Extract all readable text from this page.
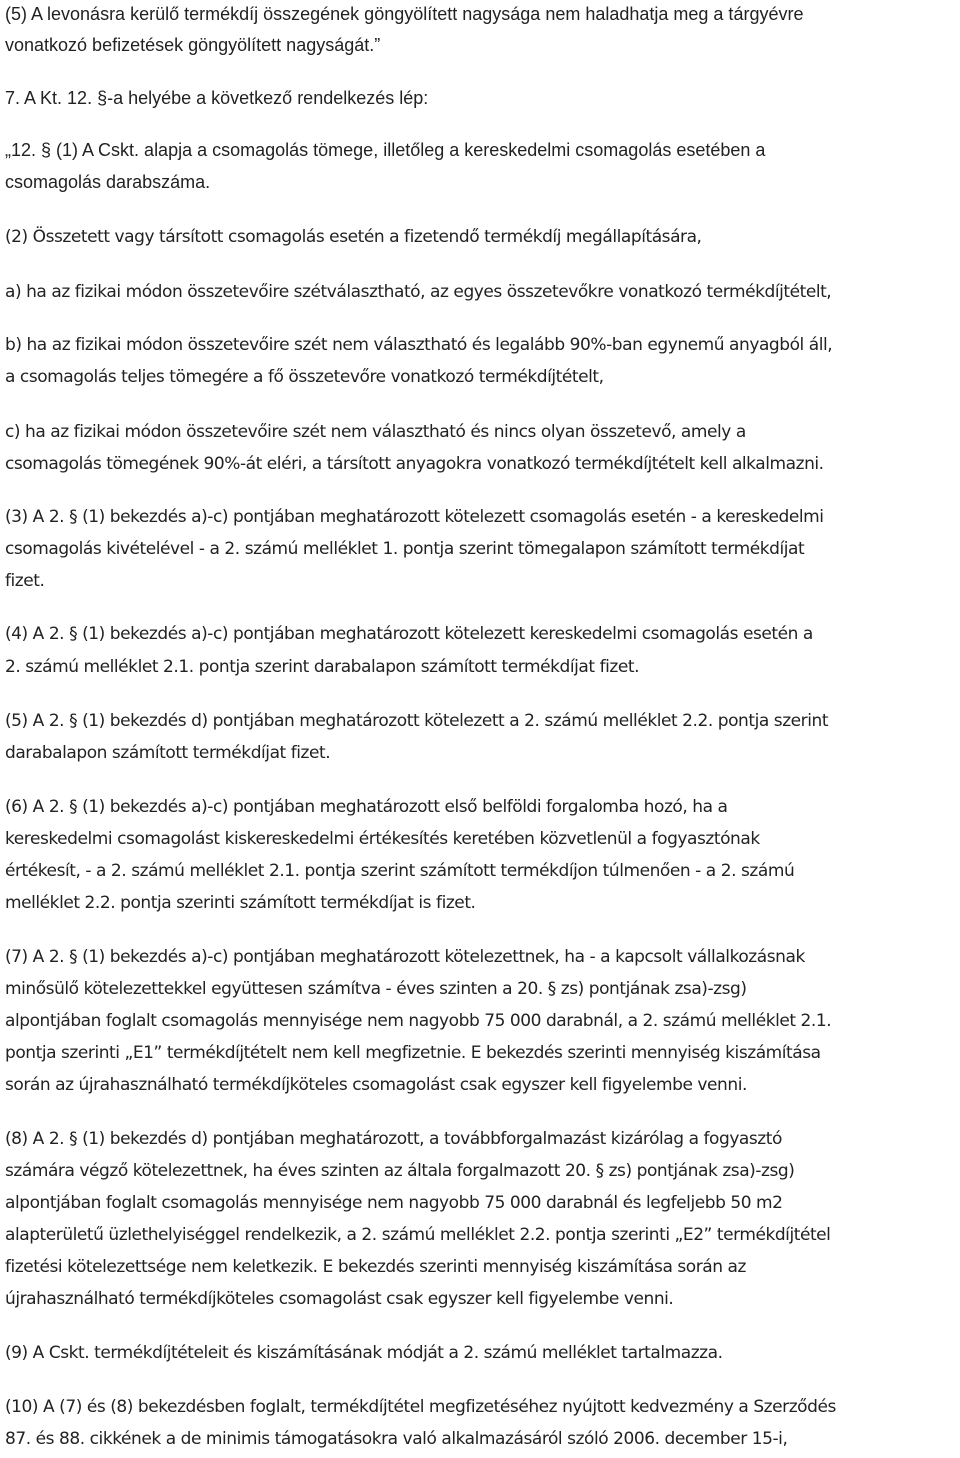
(5) A levonásra kerülő termékdíj összegének göngyölített nagysága nem haladhatja meg a tárgyévre
vonatkozó befizetések göngyölített nagyságát.”
7. A Kt. 12. §-a helyébe a következő rendelkezés lép:
„12. § (1) A Cskt. alapja a csomagolás tömege, illetőleg a kereskedelmi csomagolás esetében a
csomagolás darabszáma.
(2) Összetett vagy társított csomagolás esetén a fizetendő termékdíj megállapítására,
a) ha az fizikai módon összetevőire szétválasztható, az egyes összetevőkre vonatkozó termékdíjtételt,
b) ha az fizikai módon összetevőire szét nem választható és legalább 90%-ban egynemű anyagból áll,
a csomagolás teljes tömegére a fő összetevőre vonatkozó termékdíjtételt,
c) ha az fizikai módon összetevőire szét nem választható és nincs olyan összetevő, amely a
csomagolás tömegének 90%-át eléri, a társított anyagokra vonatkozó termékdíjtételt kell alkalmazni.
(3) A 2. § (1) bekezdés a)-c) pontjában meghatározott kötelezett csomagolás esetén - a kereskedelmi
csomagolás kivételével - a 2. számú melléklet 1. pontja szerint tömegalapon számított termékdíjat
fizet.
(4) A 2. § (1) bekezdés a)-c) pontjában meghatározott kötelezett kereskedelmi csomagolás esetén a
2. számú melléklet 2.1. pontja szerint darabalapon számított termékdíjat fizet.
(5) A 2. § (1) bekezdés d) pontjában meghatározott kötelezett a 2. számú melléklet 2.2. pontja szerint
darabalapon számított termékdíjat fizet.
(6) A 2. § (1) bekezdés a)-c) pontjában meghatározott első belföldi forgalomba hozó, ha a
kereskedelmi csomagolást kiskereskedelmi értékesítés keretében közvetlenül a fogyasztónak
értékesít, - a 2. számú melléklet 2.1. pontja szerint számított termékdíjon túlmenően - a 2. számú
melléklet 2.2. pontja szerinti számított termékdíjat is fizet.
(7) A 2. § (1) bekezdés a)-c) pontjában meghatározott kötelezettnek, ha - a kapcsolt vállalkozásnak
minősülő kötelezettekkel együttesen számítva - éves szinten a 20. § zs) pontjának zsa)-zsg)
alpontjában foglalt csomagolás mennyisége nem nagyobb 75 000 darabnál, a 2. számú melléklet 2.1.
pontja szerinti „E1” termékdíjtételt nem kell megfizetnie. E bekezdés szerinti mennyiség kiszámítása
során az újrahasználható termékdíjköteles csomagolást csak egyszer kell figyelembe venni.
(8) A 2. § (1) bekezdés d) pontjában meghatározott, a továbbforgalmazást kizárólag a fogyasztó
számára végző kötelezettnek, ha éves szinten az általa forgalmazott 20. § zs) pontjának zsa)-zsg)
alpontjában foglalt csomagolás mennyisége nem nagyobb 75 000 darabnál és legfeljebb 50 m2
alapterületű üzlethelyiséggel rendelkezik, a 2. számú melléklet 2.2. pontja szerinti „E2” termékdíjtétel
fizetési kötelezettsége nem keletkezik. E bekezdés szerinti mennyiség kiszámítása során az
újrahasználható termékdíjköteles csomagolást csak egyszer kell figyelembe venni.
(9) A Cskt. termékdíjtételeit és kiszámításának módját a 2. számú melléklet tartalmazza.
(10) A (7) és (8) bekezdésben foglalt, termékdíjtétel megfizetéséhez nyújtott kedvezmény a Szerződés
87. és 88. cikkének a de minimis támogatásokra való alkalmazásáról szóló 2006. december 15-i,
